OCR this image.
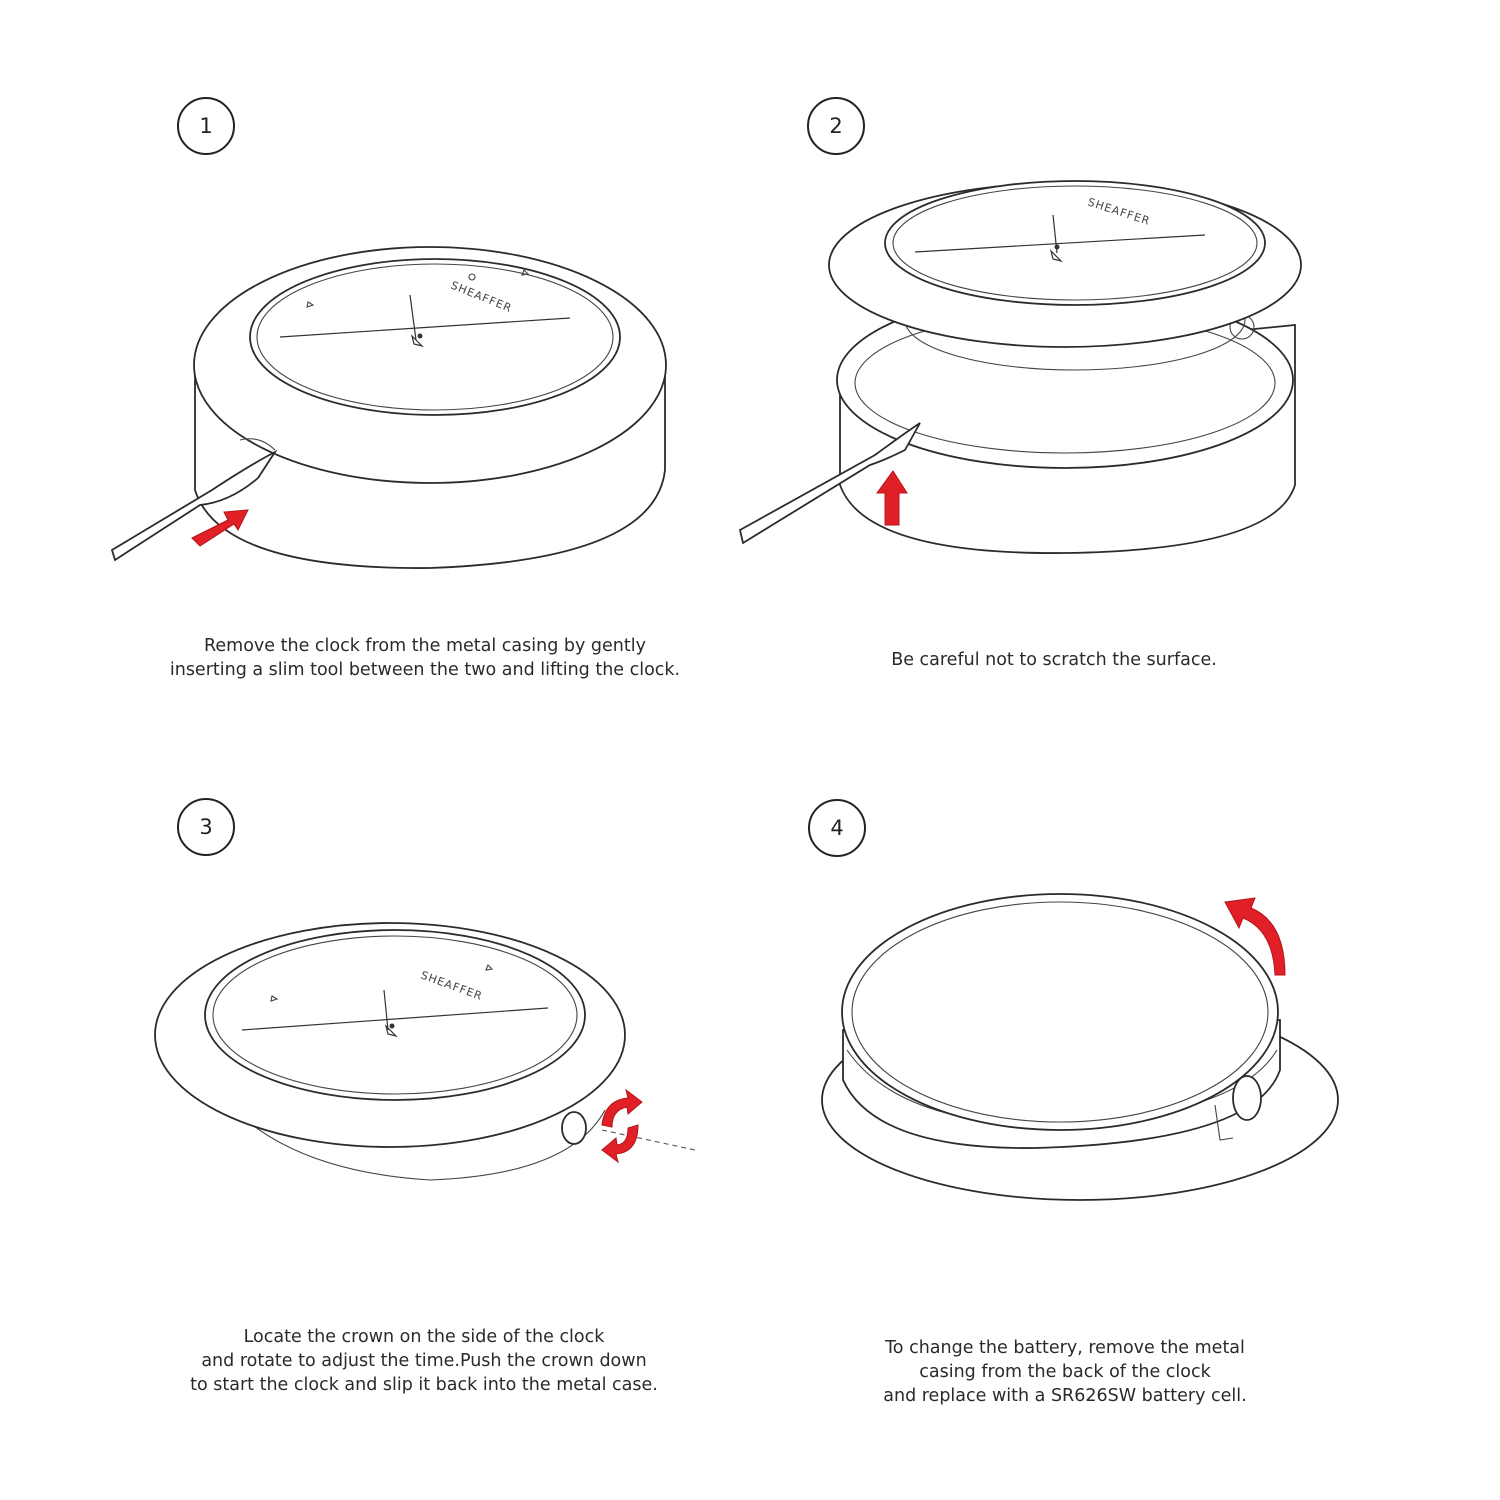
1
SHEAFFER
Remove the clock from the metal casing by gently
inserting a slim tool between the two and lifting the clock.
2
SHEAFFER
Be careful not to scratch the surface.
3
SHEAFFER
Locate the crown on the side of the clock
and rotate to adjust the time.Push the crown down
to start the clock and slip it back into the metal case.
4
To change the battery, remove the metal
casing from the back of the clock
and replace with a SR626SW battery cell.
